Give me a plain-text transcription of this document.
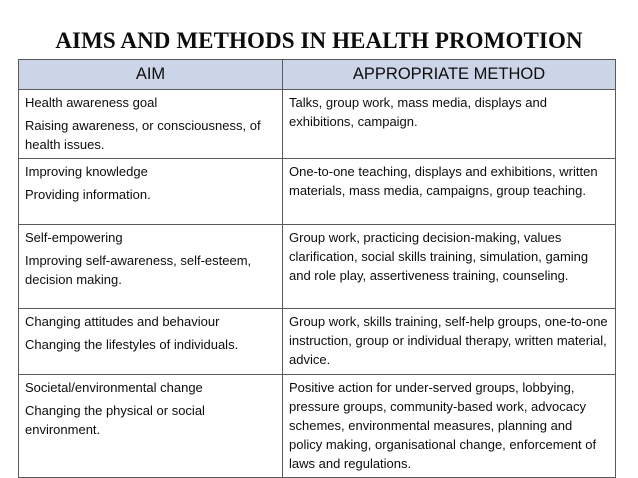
AIMS AND METHODS IN HEALTH PROMOTION
AIM	APPROPRIATE METHOD

Health awareness goal
Raising awareness, or consciousness, of health issues.	Talks, group work, mass media, displays and exhibitions, campaign.

Improving knowledge
Providing information.	One-to-one teaching, displays and exhibitions, written materials, mass media, campaigns, group teaching.

Self-empowering
Improving self-awareness, self-esteem, decision making.	Group work, practicing decision-making, values clarification, social skills training, simulation, gaming and role play, assertiveness training, counseling.

Changing attitudes and behaviour
Changing the lifestyles of individuals.	Group work, skills training, self-help groups, one-to-one instruction, group or individual therapy, written material, advice.

Societal/environmental change
Changing the physical or social environment.	Positive action for under-served groups, lobbying, pressure groups, community-based work, advocacy schemes, environmental measures, planning and policy making, organisational change, enforcement of laws and regulations.
